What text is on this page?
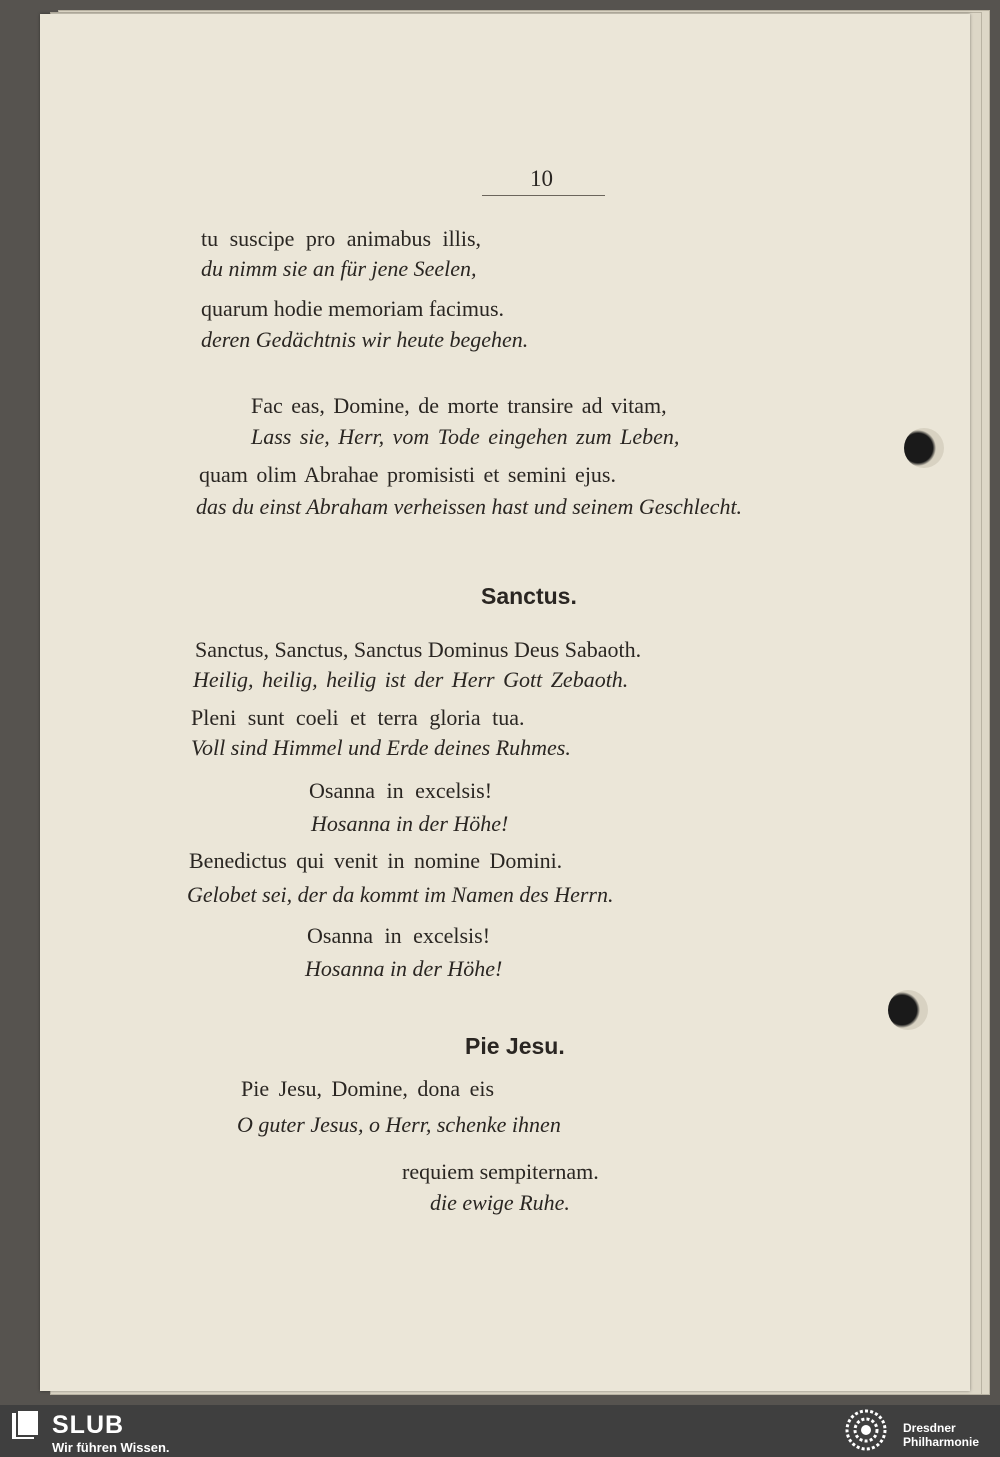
10
tu suscipe pro animabus illis,
du nimm sie an für jene Seelen,
quarum hodie memoriam facimus.
deren Gedächtnis wir heute begehen.
Fac eas, Domine, de morte transire ad vitam,
Lass sie, Herr, vom Tode eingehen zum Leben,
quam olim Abrahae promisisti et semini ejus.
das du einst Abraham verheissen hast und seinem Geschlecht.
Sanctus.
Sanctus, Sanctus, Sanctus Dominus Deus Sabaoth.
Heilig, heilig, heilig ist der Herr Gott Zebaoth.
Pleni sunt coeli et terra gloria tua.
Voll sind Himmel und Erde deines Ruhmes.
Osanna in excelsis!
Hosanna in der Höhe!
Benedictus qui venit in nomine Domini.
Gelobet sei, der da kommt im Namen des Herrn.
Osanna in excelsis!
Hosanna in der Höhe!
Pie Jesu.
Pie Jesu, Domine, dona eis
O guter Jesus, o Herr, schenke ihnen
requiem sempiternam.
die ewige Ruhe.
SLUB
Wir führen Wissen.
Dresdner
Philharmonie
